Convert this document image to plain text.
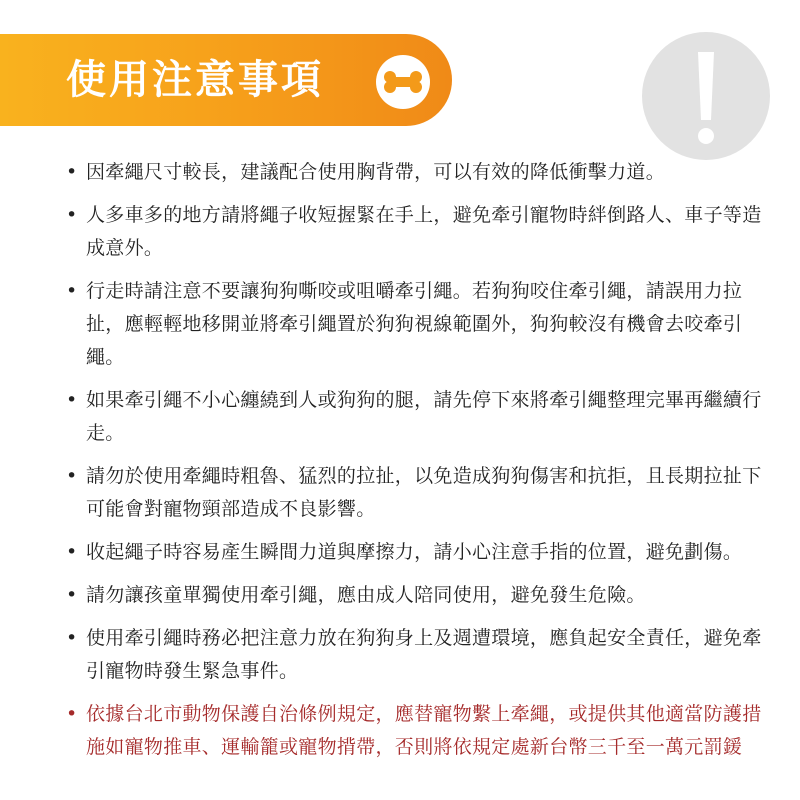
使用注意事項
• 因牽繩尺寸較長，建議配合使用胸背帶，可以有效的降低衝擊力道。
• 人多車多的地方請將繩子收短握緊在手上，避免牽引寵物時絆倒路人、車子等造成意外。
• 行走時請注意不要讓狗狗嘶咬或咀嚼牽引繩。若狗狗咬住牽引繩，請誤用力拉扯，應輕輕地移開並將牽引繩置於狗狗視線範圍外，狗狗較沒有機會去咬牽引繩。
• 如果牽引繩不小心纏繞到人或狗狗的腿，請先停下來將牽引繩整理完畢再繼續行走。
• 請勿於使用牽繩時粗魯、猛烈的拉扯，以免造成狗狗傷害和抗拒，且長期拉扯下可能會對寵物頸部造成不良影響。
• 收起繩子時容易產生瞬間力道與摩擦力，請小心注意手指的位置，避免劃傷。
• 請勿讓孩童單獨使用牽引繩，應由成人陪同使用，避免發生危險。
• 使用牽引繩時務必把注意力放在狗狗身上及週遭環境，應負起安全責任，避免牽引寵物時發生緊急事件。
• 依據台北市動物保護自治條例規定，應替寵物繫上牽繩，或提供其他適當防護措施如寵物推車、運輸籠或寵物揹帶，否則將依規定處新台幣三千至一萬元罰鍰
